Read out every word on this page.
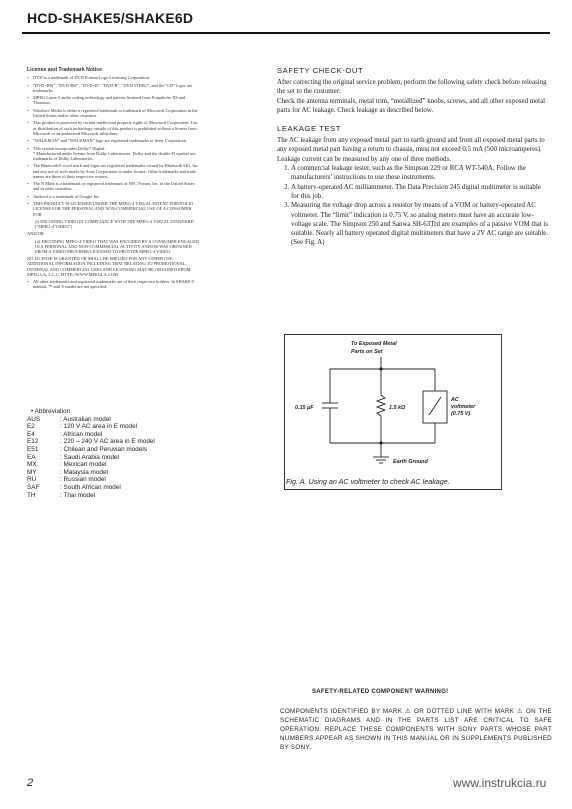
HCD-SHAKE5/SHAKE6D
License and Trademark Notice
• DVD is a trademark of DVD Format/Logo Licensing Corporation.
• "DVD+RW", "DVD-RW", "DVD+R", "DVD-R", "DVD VIDEO", and the "CD" logos are trademarks.
• MPEG Layer-3 audio coding technology and patents licensed from Fraunhofer IIS and Thomson.
• Windows Media is either a registered trademark or trademark of Microsoft Corporation in the United States and/or other countries.
• This product is protected by certain intellectual property rights of Microsoft Corporation. Use or distribution of such technology outside of this product is prohibited without a license from Microsoft or an authorized Microsoft subsidiary.
• "WALKMAN" and "WALKMAN" logo are registered trademarks of Sony Corporation.
• This system incorporates Dolby* Digital.
* Manufactured under license from Dolby Laboratories. Dolby and the double-D symbol are trademarks of Dolby Laboratories.
• The Bluetooth® word mark and logos are registered trademarks owned by Bluetooth SIG, Inc. and any use of such marks by Sony Corporation is under license. Other trademarks and trade names are those of their respective owners.
• The N Mark is a trademark or registered trademark of NFC Forum, Inc. in the United States and in other countries.
• Android is a trademark of Google Inc.
• THIS PRODUCT IS LICENSED UNDER THE MPEG-4 VISUAL PATENT PORTFOLIO LICENSE FOR THE PERSONAL AND NON-COMMERCIAL USE OF A CONSUMER FOR
(i) ENCODING VIDEO IN COMPLIANCE WITH THE MPEG-4 VISUAL STANDARD ("MPEG-4 VIDEO")
AND/OR
(ii) DECODING MPEG-4 VIDEO THAT WAS ENCODED BY A CONSUMER ENGAGED IN A PERSONAL AND NON-COMMERCIAL ACTIVITY AND/OR WAS OBTAINED FROM A VIDEO PROVIDER LICENSED TO PROVIDE MPEG-4 VIDEO.
NO LICENSE IS GRANTED OR SHALL BE IMPLIED FOR ANY OTHER USE. ADDITIONAL INFORMATION INCLUDING THAT RELATING TO PROMOTIONAL, INTERNAL AND COMMERCIAL USES AND LICENSING MAY BE OBTAINED FROM MPEG LA, L.L.C. HTTP://WWW.MPEGLA.COM
• All other trademarks and registered trademarks are of their respective holders. In SHAKE-5 manual, ™ and ® marks are not specified.
• Abbreviation
AUS	: Australian model
E2	: 120 V AC area in E model
E4	: African model
E12	: 220 – 240 V AC area in E model
E51	: Chilean and Peruvian models
EA	: Saudi Arabia model
MX	: Mexican model
MY	: Malaysia model
RU	: Russian model
SAF	: South African model
TH	: Thai model
SAFETY CHECK-OUT

After correcting the original service problem, perform the following safety check before releasing the set to the customer:

Check the antenna terminals, metal trim, “metallized” knobs, screws, and all other exposed metal parts for AC leakage. Check leakage as described below.

LEAKAGE TEST

The AC leakage from any exposed metal part to earth ground and from all exposed metal parts to any exposed metal part having a return to chassis, must not exceed 0.5 mA (500 microamperes). Leakage current can be measured by any one of three methods.

1. A commercial leakage tester, such as the Simpson 229 or RCA WT-540A. Follow the manufacturers’ instructions to use these instruments.
2. A battery-operated AC milliammeter. The Data Precision 245 digital multimeter is suitable for this job.
3. Measuring the voltage drop across a resistor by means of a VOM or battery-operated AC voltmeter. The “limit” indication is 0.75 V, so analog meters must have an accurate low-voltage scale. The Simpson 250 and Sanwa SH-63Trd are examples of a passive VOM that is suitable. Nearly all battery operated digital multimeters that have a 2V AC range are suitable. (See Fig. A)
To Exposed Metal
Parts on Set
0.15 μF	1.5 kΩ
AC
voltmeter
(0.75 V)
Earth Ground
Fig. A. Using an AC voltmeter to check AC leakage.
SAFETY-RELATED COMPONENT WARNING!
COMPONENTS IDENTIFIED BY MARK ⚠ OR DOTTED LINE WITH MARK ⚠ ON THE SCHEMATIC DIAGRAMS AND IN THE PARTS LIST ARE CRITICAL TO SAFE OPERATION. REPLACE THESE COMPONENTS WITH SONY PARTS WHOSE PART NUMBERS APPEAR AS SHOWN IN THIS MANUAL OR IN SUPPLEMENTS PUBLISHED BY SONY.
2	www.instrukcia.ru
